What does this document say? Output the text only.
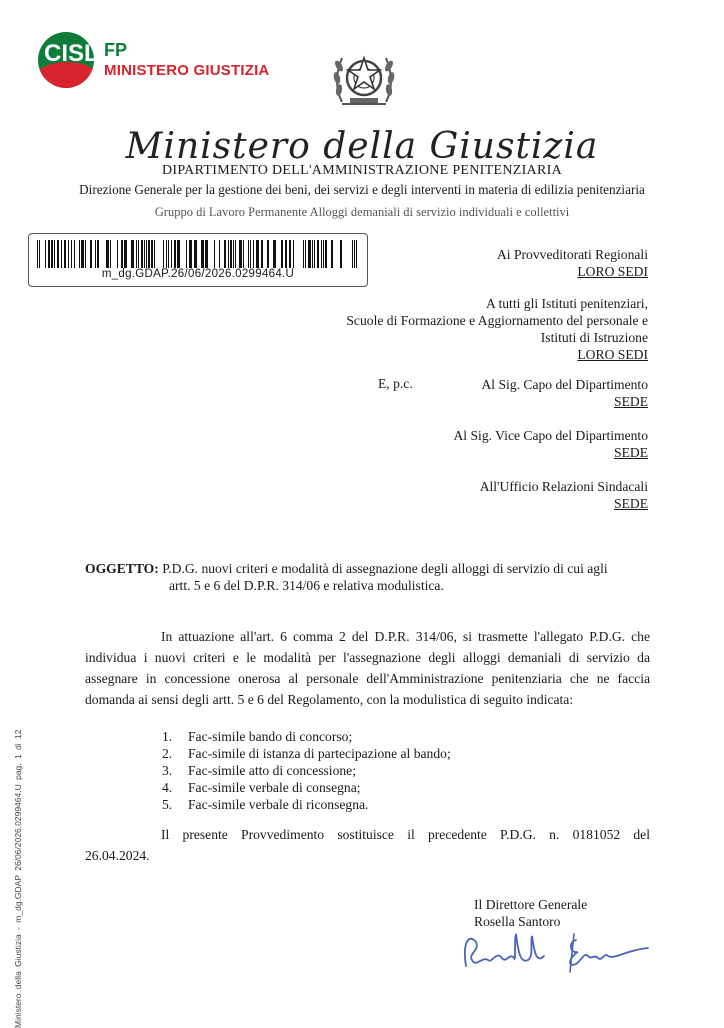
CISL FP
MINISTERO GIUSTIZIA
Ministero della Giustizia
DIPARTIMENTO DELL'AMMINISTRAZIONE PENITENZIARIA
Direzione Generale per la gestione dei beni, dei servizi e degli interventi in materia di edilizia penitenziaria
Gruppo di Lavoro Permanente Alloggi demaniali di servizio individuali e collettivi
m_dg.GDAP.26/06/2026.0299464.U
Ai Provveditorati Regionali
LORO SEDI
A tutti gli Istituti penitenziari,
Scuole di Formazione e Aggiornamento del personale e
Istituti di Istruzione
LORO SEDI
E, p.c.	Al Sig. Capo del Dipartimento
SEDE
Al Sig. Vice Capo del Dipartimento
SEDE
All'Ufficio Relazioni Sindacali
SEDE
OGGETTO: P.D.G. nuovi criteri e modalità di assegnazione degli alloggi di servizio di cui agli
artt. 5 e 6 del D.P.R. 314/06 e relativa modulistica.
In attuazione all'art. 6 comma 2 del D.P.R. 314/06, si trasmette l'allegato P.D.G. che individua i nuovi criteri e le modalità per l'assegnazione degli alloggi demaniali di servizio da assegnare in concessione onerosa al personale dell'Amministrazione penitenziaria che ne faccia domanda ai sensi degli artt. 5 e 6 del Regolamento, con la modulistica di seguito indicata:
1. Fac-simile bando di concorso;
2. Fac-simile di istanza di partecipazione al bando;
3. Fac-simile atto di concessione;
4. Fac-simile verbale di consegna;
5. Fac-simile verbale di riconsegna.
Il presente Provvedimento sostituisce il precedente P.D.G. n. 0181052 del
26.04.2024.
Il Direttore Generale
Rosella Santoro
Ministero della Giustizia - m_dg.GDAP 26/06/2026.0299464.U pag. 1 di 12
